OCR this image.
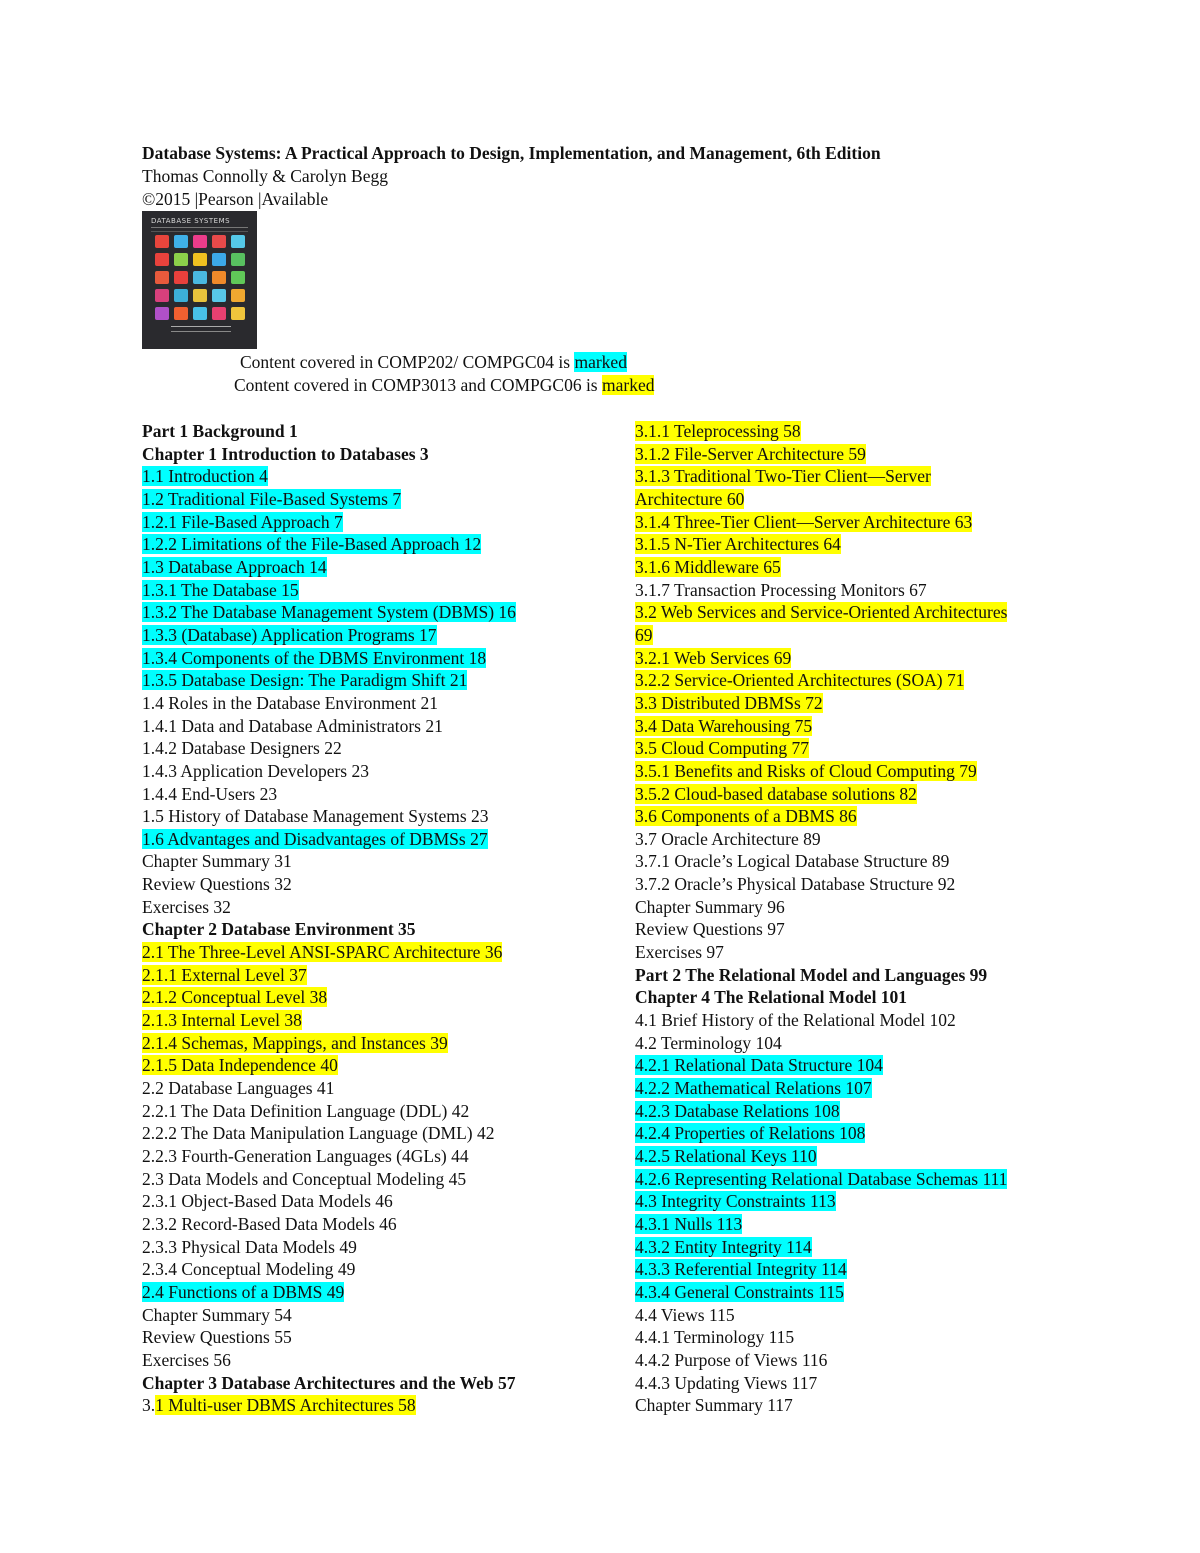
Database Systems: A Practical Approach to Design, Implementation, and Management, 6th Edition
Thomas Connolly & Carolyn Begg
©2015 |Pearson |Available
DATABASE SYSTEMS
Content covered in COMP202/ COMPGC04 is marked
Content covered in COMP3013 and COMPGC06 is marked
Part 1 Background 1
Chapter 1 Introduction to Databases 3
1.1 Introduction 4
1.2 Traditional File-Based Systems 7
1.2.1 File-Based Approach 7
1.2.2 Limitations of the File-Based Approach 12
1.3 Database Approach 14
1.3.1 The Database 15
1.3.2 The Database Management System (DBMS) 16
1.3.3 (Database) Application Programs 17
1.3.4 Components of the DBMS Environment 18
1.3.5 Database Design: The Paradigm Shift 21
1.4 Roles in the Database Environment 21
1.4.1 Data and Database Administrators 21
1.4.2 Database Designers 22
1.4.3 Application Developers 23
1.4.4 End-Users 23
1.5 History of Database Management Systems 23
1.6 Advantages and Disadvantages of DBMSs 27
Chapter Summary 31
Review Questions 32
Exercises 32
Chapter 2 Database Environment 35
2.1 The Three-Level ANSI-SPARC Architecture 36
2.1.1 External Level 37
2.1.2 Conceptual Level 38
2.1.3 Internal Level 38
2.1.4 Schemas, Mappings, and Instances 39
2.1.5 Data Independence 40
2.2 Database Languages 41
2.2.1 The Data Definition Language (DDL) 42
2.2.2 The Data Manipulation Language (DML) 42
2.2.3 Fourth-Generation Languages (4GLs) 44
2.3 Data Models and Conceptual Modeling 45
2.3.1 Object-Based Data Models 46
2.3.2 Record-Based Data Models 46
2.3.3 Physical Data Models 49
2.3.4 Conceptual Modeling 49
2.4 Functions of a DBMS 49
Chapter Summary 54
Review Questions 55
Exercises 56
Chapter 3 Database Architectures and the Web 57
3.1 Multi-user DBMS Architectures 58
3.1.1 Teleprocessing 58
3.1.2 File-Server Architecture 59
3.1.3 Traditional Two-Tier Client—Server
Architecture 60
3.1.4 Three-Tier Client—Server Architecture 63
3.1.5 N-Tier Architectures 64
3.1.6 Middleware 65
3.1.7 Transaction Processing Monitors 67
3.2 Web Services and Service-Oriented Architectures
69
3.2.1 Web Services 69
3.2.2 Service-Oriented Architectures (SOA) 71
3.3 Distributed DBMSs 72
3.4 Data Warehousing 75
3.5 Cloud Computing 77
3.5.1 Benefits and Risks of Cloud Computing 79
3.5.2 Cloud-based database solutions 82
3.6 Components of a DBMS 86
3.7 Oracle Architecture 89
3.7.1 Oracle’s Logical Database Structure 89
3.7.2 Oracle’s Physical Database Structure 92
Chapter Summary 96
Review Questions 97
Exercises 97
Part 2 The Relational Model and Languages 99
Chapter 4 The Relational Model 101
4.1 Brief History of the Relational Model 102
4.2 Terminology 104
4.2.1 Relational Data Structure 104
4.2.2 Mathematical Relations 107
4.2.3 Database Relations 108
4.2.4 Properties of Relations 108
4.2.5 Relational Keys 110
4.2.6 Representing Relational Database Schemas 111
4.3 Integrity Constraints 113
4.3.1 Nulls 113
4.3.2 Entity Integrity 114
4.3.3 Referential Integrity 114
4.3.4 General Constraints 115
4.4 Views 115
4.4.1 Terminology 115
4.4.2 Purpose of Views 116
4.4.3 Updating Views 117
Chapter Summary 117
